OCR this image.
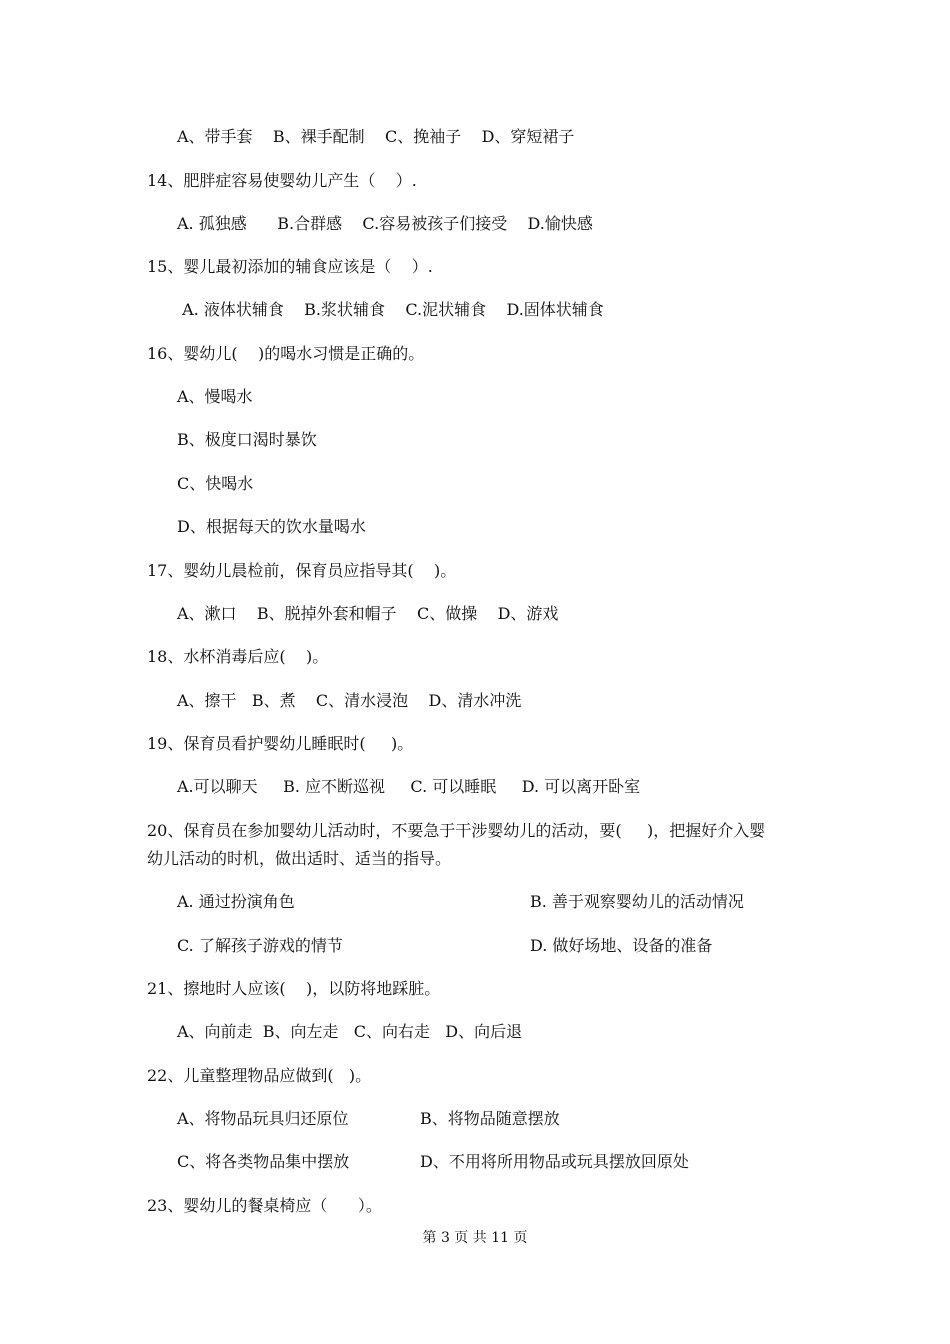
A、带手套    B、裸手配制    C、挽袖子    D、穿短裙子
14、肥胖症容易使婴幼儿产生（    ）.
A. 孤独感      B.合群感    C.容易被孩子们接受    D.愉快感
15、婴儿最初添加的辅食应该是（    ）.
A. 液体状辅食    B.浆状辅食    C.泥状辅食    D.固体状辅食
16、婴幼儿(    )的喝水习惯是正确的。
A、慢喝水
B、极度口渴时暴饮
C、快喝水
D、根据每天的饮水量喝水
17、婴幼儿晨检前，保育员应指导其(    )。
A、漱口    B、脱掉外套和帽子    C、做操    D、游戏
18、水杯消毒后应(    )。
A、擦干   B、煮    C、清水浸泡    D、清水冲洗
19、保育员看护婴幼儿睡眠时(     )。
A.可以聊天     B. 应不断巡视     C. 可以睡眠     D. 可以离开卧室
20、保育员在参加婴幼儿活动时，不要急于干涉婴幼儿的活动，要(     )，把握好介入婴
幼儿活动的时机，做出适时、适当的指导。
A. 通过扮演角色	B. 善于观察婴幼儿的活动情况
C. 了解孩子游戏的情节	D. 做好场地、设备的准备
21、擦地时人应该(    )，以防将地踩脏。
A、向前走  B、向左走   C、向右走   D、向后退
22、儿童整理物品应做到(   )。
A、将物品玩具归还原位	B、将物品随意摆放
C、将各类物品集中摆放	D、不用将所用物品或玩具摆放回原处
23、婴幼儿的餐桌椅应（      ）。
第 3 页 共 11 页
